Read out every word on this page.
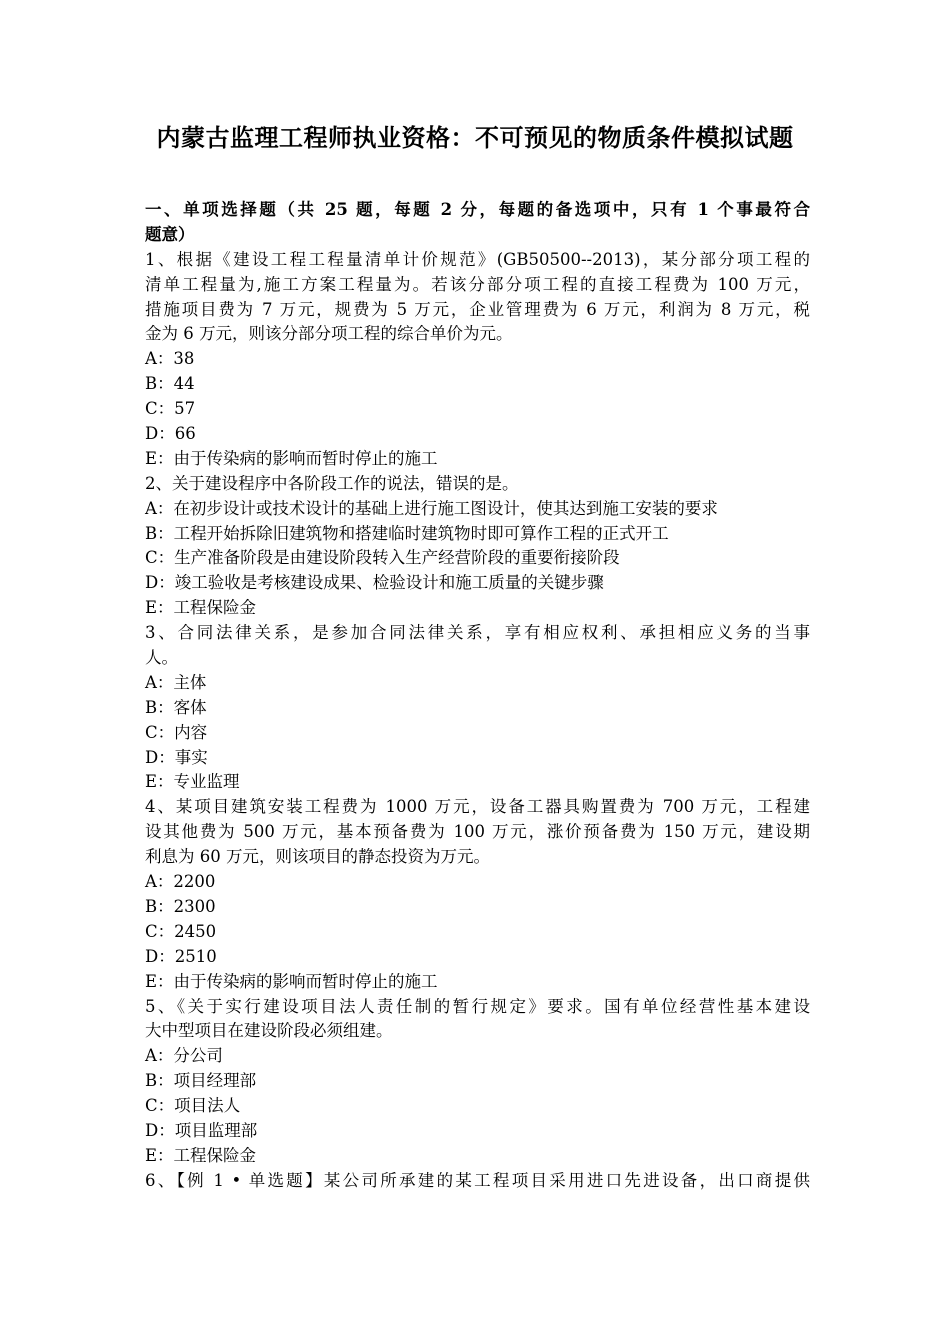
内蒙古监理工程师执业资格：不可预见的物质条件模拟试题
一、单项选择题（共 25 题，每题 2 分，每题的备选项中，只有 1 个事最符合
题意）
1、根据《建设工程工程量清单计价规范》(GB50500--2013)，某分部分项工程的
清单工程量为,施工方案工程量为。若该分部分项工程的直接工程费为 100 万元，
措施项目费为 7 万元，规费为 5 万元，企业管理费为 6 万元，利润为 8 万元，税
金为 6 万元，则该分部分项工程的综合单价为元。
A：38
B：44
C：57
D：66
E：由于传染病的影响而暂时停止的施工
2、关于建设程序中各阶段工作的说法，错误的是。
A：在初步设计或技术设计的基础上进行施工图设计，使其达到施工安装的要求
B：工程开始拆除旧建筑物和搭建临时建筑物时即可算作工程的正式开工
C：生产准备阶段是由建设阶段转入生产经营阶段的重要衔接阶段
D：竣工验收是考核建设成果、检验设计和施工质量的关键步骤
E：工程保险金
3、合同法律关系，是参加合同法律关系，享有相应权利、承担相应义务的当事
人。
A：主体
B：客体
C：内容
D：事实
E：专业监理
4、某项目建筑安装工程费为 1000 万元，设备工器具购置费为 700 万元，工程建
设其他费为 500 万元，基本预备费为 100 万元，涨价预备费为 150 万元，建设期
利息为 60 万元，则该项目的静态投资为万元。
A：2200
B：2300
C：2450
D：2510
E：由于传染病的影响而暂时停止的施工
5、《关于实行建设项目法人责任制的暂行规定》要求。国有单位经营性基本建设
大中型项目在建设阶段必须组建。
A：分公司
B：项目经理部
C：项目法人
D：项目监理部
E：工程保险金
6、【例 1 • 单选题】某公司所承建的某工程项目采用进口先进设备，出口商提供
